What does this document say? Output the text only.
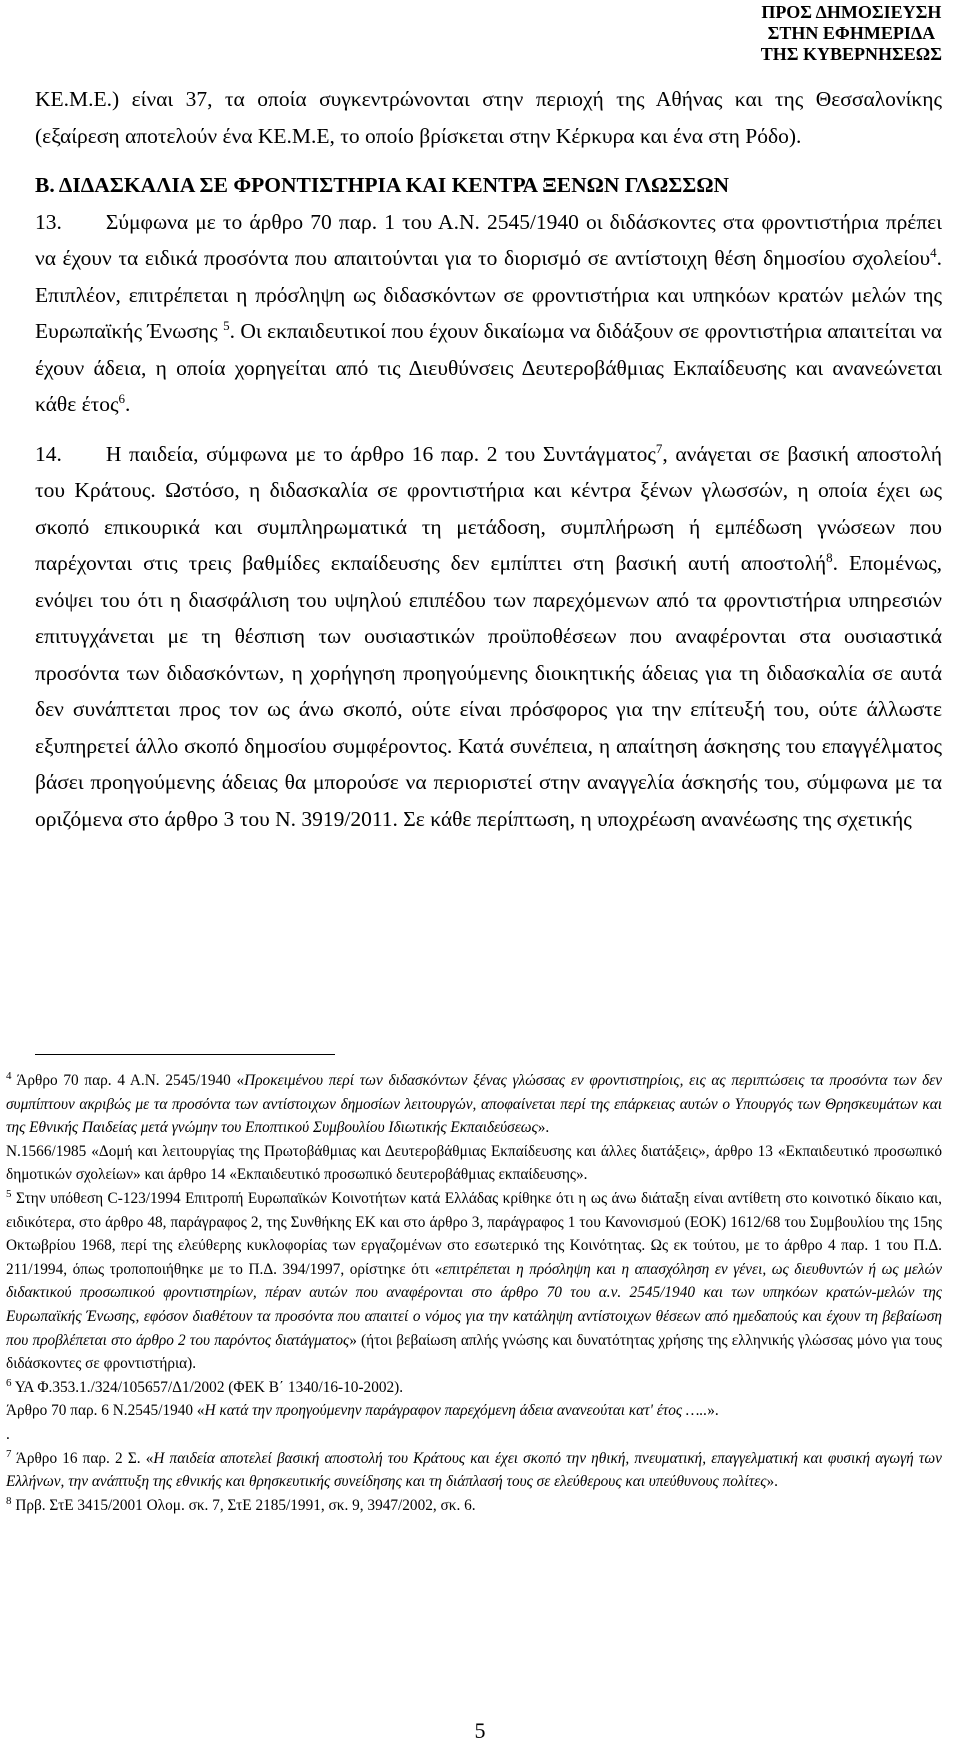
ΠΡΟΣ ΔΗΜΟΣΙΕΥΣΗ
ΣΤΗΝ ΕΦΗΜΕΡΙΔΑ
ΤΗΣ ΚΥΒΕΡΝΗΣΕΩΣ

ΚΕ.Μ.Ε.) είναι 37, τα οποία συγκεντρώνονται στην περιοχή της Αθήνας και της Θεσσαλονίκης (εξαίρεση αποτελούν ένα ΚΕ.Μ.Ε, το οποίο βρίσκεται στην Κέρκυρα και ένα στη Ρόδο).

Β. ΔΙΔΑΣΚΑΛΙΑ ΣΕ ΦΡΟΝΤΙΣΤΗΡΙΑ ΚΑΙ ΚΕΝΤΡΑ ΞΕΝΩΝ ΓΛΩΣΣΩΝ

13. Σύμφωνα με το άρθρο 70 παρ. 1 του Α.Ν. 2545/1940 οι διδάσκοντες στα φροντιστήρια πρέπει να έχουν τα ειδικά προσόντα που απαιτούνται για το διορισμό σε αντίστοιχη θέση δημοσίου σχολείου$^4$. Επιπλέον, επιτρέπεται η πρόσληψη ως διδασκόντων σε φροντιστήρια και υπηκόων κρατών μελών της Ευρωπαϊκής Ένωσης $^5$. Οι εκπαιδευτικοί που έχουν δικαίωμα να διδάξουν σε φροντιστήρια απαιτείται να έχουν άδεια, η οποία χορηγείται από τις Διευθύνσεις Δευτεροβάθμιας Εκπαίδευσης και ανανεώνεται κάθε έτος$^6$.

14. Η παιδεία, σύμφωνα με το άρθρο 16 παρ. 2 του Συντάγματος$^7$, ανάγεται σε βασική αποστολή του Κράτους. Ωστόσο, η διδασκαλία σε φροντιστήρια και κέντρα ξένων γλωσσών, η οποία έχει ως σκοπό επικουρικά και συμπληρωματικά τη μετάδοση, συμπλήρωση ή εμπέδωση γνώσεων που παρέχονται στις τρεις βαθμίδες εκπαίδευσης δεν εμπίπτει στη βασική αυτή αποστολή$^8$. Επομένως, ενόψει του ότι η διασφάλιση του υψηλού επιπέδου των παρεχόμενων από τα φροντιστήρια υπηρεσιών επιτυγχάνεται με τη θέσπιση των ουσιαστικών προϋποθέσεων που αναφέρονται στα ουσιαστικά προσόντα των διδασκόντων, η χορήγηση προηγούμενης διοικητικής άδειας για τη διδασκαλία σε αυτά δεν συνάπτεται προς τον ως άνω σκοπό, ούτε είναι πρόσφορος για την επίτευξή του, ούτε άλλωστε εξυπηρετεί άλλο σκοπό δημοσίου συμφέροντος. Κατά συνέπεια, η απαίτηση άσκησης του επαγγέλματος βάσει προηγούμενης άδειας θα μπορούσε να περιοριστεί στην αναγγελία άσκησής του, σύμφωνα με τα οριζόμενα στο άρθρο 3 του Ν. 3919/2011. Σε κάθε περίπτωση, η υποχρέωση ανανέωσης της σχετικής

$^4$ Άρθρο 70 παρ. 4 Α.Ν. 2545/1940 «Προκειμένου περί των διδασκόντων ξένας γλώσσας εν φροντιστηρίοις, εις ας περιπτώσεις τα προσόντα των δεν συμπίπτουν ακριβώς με τα προσόντα των αντίστοιχων δημοσίων λειτουργών, αποφαίνεται περί της επάρκειας αυτών ο Υπουργός των Θρησκευμάτων και της Εθνικής Παιδείας μετά γνώμην του Εποπτικού Συμβουλίου Ιδιωτικής Εκπαιδεύσεως».

Ν.1566/1985 «Δομή και λειτουργίας της Πρωτοβάθμιας και Δευτεροβάθμιας Εκπαίδευσης και άλλες διατάξεις», άρθρο 13 «Εκπαιδευτικό προσωπικό δημοτικών σχολείων» και άρθρο 14 «Εκπαιδευτικό προσωπικό δευτεροβάθμιας εκπαίδευσης».

$^5$ Στην υπόθεση C-123/1994 Επιτροπή Ευρωπαϊκών Κοινοτήτων κατά Ελλάδας κρίθηκε ότι η ως άνω διάταξη είναι αντίθετη στο κοινοτικό δίκαιο και, ειδικότερα, στο άρθρο 48, παράγραφος 2, της Συνθήκης ΕΚ και στο άρθρο 3, παράγραφος 1 του Κανονισμού (ΕΟΚ) 1612/68 του Συμβουλίου της 15ης Οκτωβρίου 1968, περί της ελεύθερης κυκλοφορίας των εργαζομένων στο εσωτερικό της Κοινότητας. Ως εκ τούτου, με το άρθρο 4 παρ. 1 του Π.Δ. 211/1994, όπως τροποποιήθηκε με το Π.Δ. 394/1997, ορίστηκε ότι «επιτρέπεται η πρόσληψη και η απασχόληση εν γένει, ως διευθυντών ή ως μελών διδακτικού προσωπικού φροντιστηρίων, πέραν αυτών που αναφέρονται στο άρθρο 70 του α.ν. 2545/1940 και των υπηκόων κρατών-μελών της Ευρωπαϊκής Ένωσης, εφόσον διαθέτουν τα προσόντα που απαιτεί ο νόμος για την κατάληψη αντίστοιχων θέσεων από ημεδαπούς και έχουν τη βεβαίωση που προβλέπεται στο άρθρο 2 του παρόντος διατάγματος» (ήτοι βεβαίωση απλής γνώσης και δυνατότητας χρήσης της ελληνικής γλώσσας μόνο για τους διδάσκοντες σε φροντιστήρια).

$^6$ ΥΑ Φ.353.1./324/105657/Δ1/2002 (ΦΕΚ Β΄ 1340/16-10-2002).

Άρθρο 70 παρ. 6 Ν.2545/1940 «Η κατά την προηγούμενην παράγραφον παρεχόμενη άδεια ανανεούται κατ' έτος …..».

.

$^7$ Άρθρο 16 παρ. 2 Σ. «Η παιδεία αποτελεί βασική αποστολή του Κράτους και έχει σκοπό την ηθική, πνευματική, επαγγελματική και φυσική αγωγή των Ελλήνων, την ανάπτυξη της εθνικής και θρησκευτικής συνείδησης και τη διάπλασή τους σε ελεύθερους και υπεύθυνους πολίτες».

$^8$ Πρβ. ΣτΕ 3415/2001 Ολομ. σκ. 7, ΣτΕ 2185/1991, σκ. 9, 3947/2002, σκ. 6.

5
